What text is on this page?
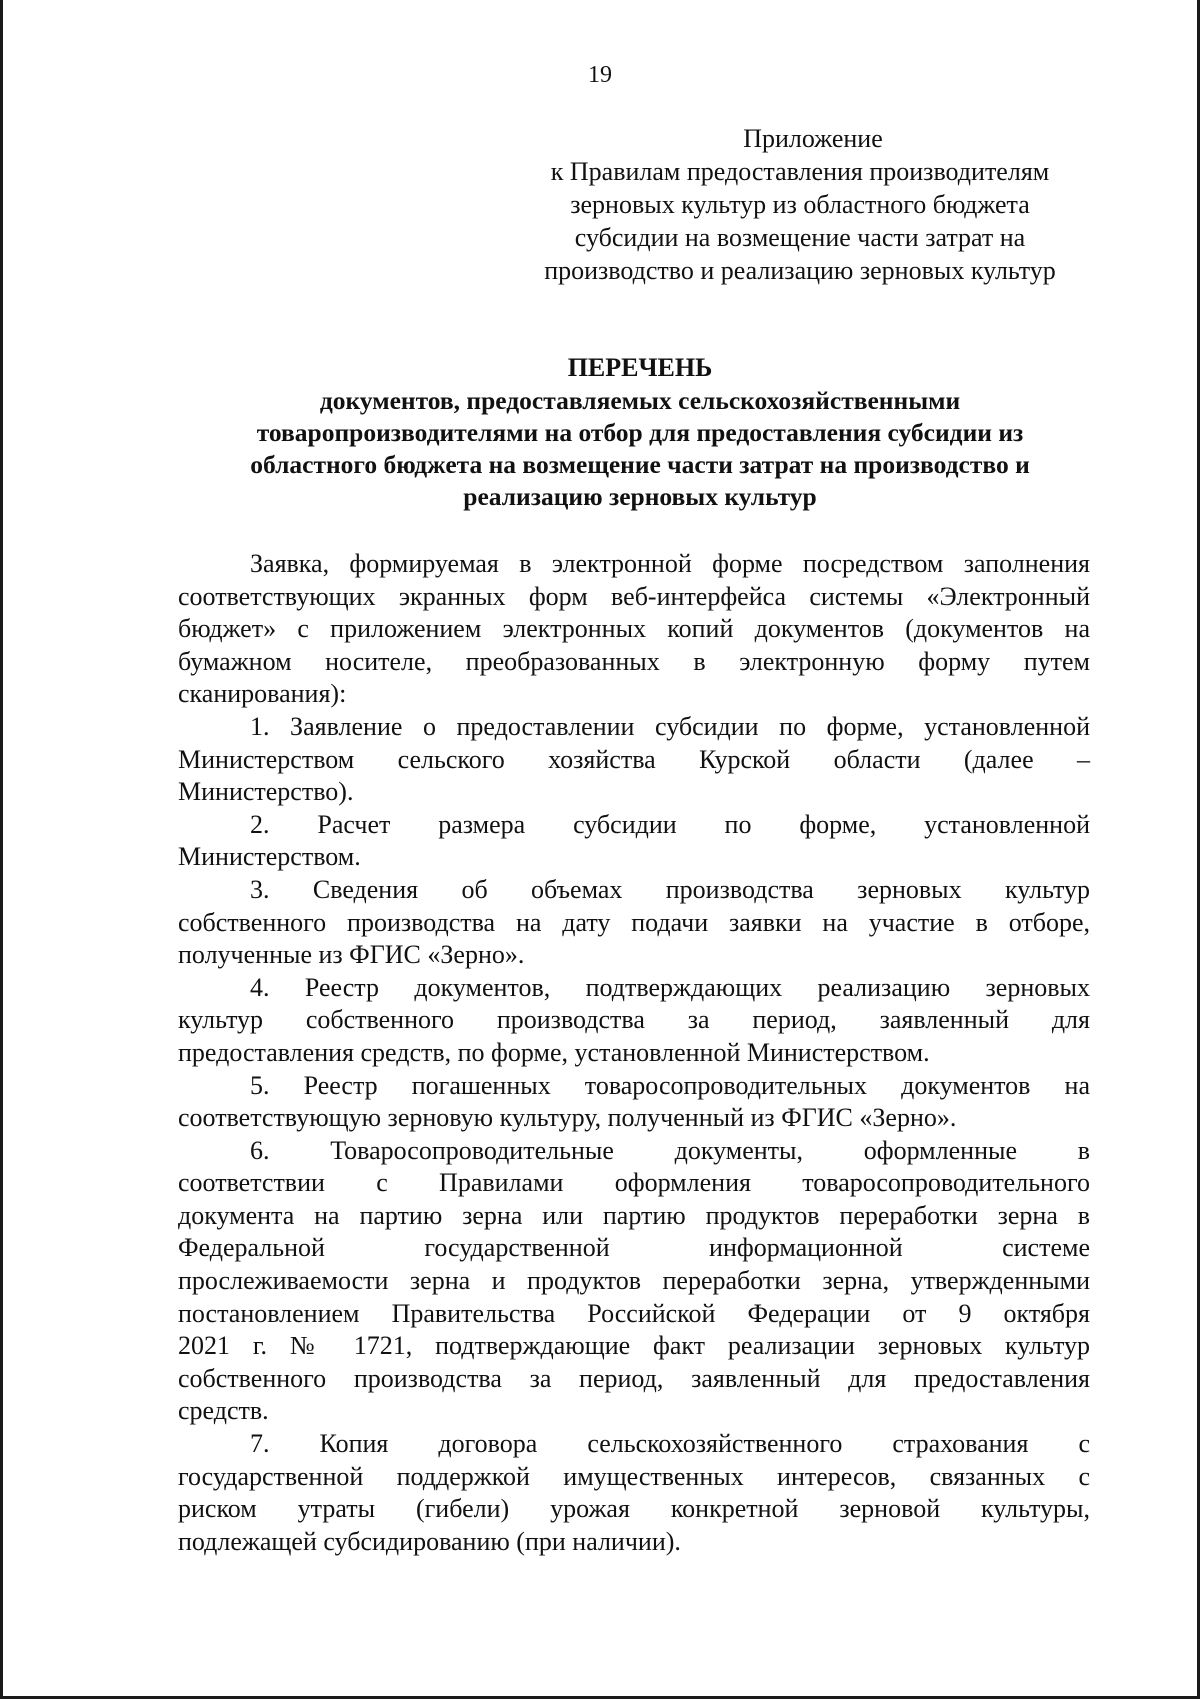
19
Приложение
к Правилам предоставления производителям
зерновых культур из областного бюджета
субсидии на возмещение части затрат на
производство и реализацию зерновых культур
ПЕРЕЧЕНЬ
документов, предоставляемых сельскохозяйственными
товаропроизводителями на отбор для предоставления субсидии из
областного бюджета на возмещение части затрат на производство и
реализацию зерновых культур
Заявка, формируемая в электронной форме посредством заполнения
соответствующих экранных форм веб-интерфейса системы «Электронный
бюджет» с приложением электронных копий документов (документов на
бумажном носителе, преобразованных в электронную форму путем
сканирования):
1. Заявление о предоставлении субсидии по форме, установленной
Министерством сельского хозяйства Курской области (далее –
Министерство).
2. Расчет размера субсидии по форме, установленной
Министерством.
3. Сведения об объемах производства зерновых культур
собственного производства на дату подачи заявки на участие в отборе,
полученные из ФГИС «Зерно».
4. Реестр документов, подтверждающих реализацию зерновых
культур собственного производства за период, заявленный для
предоставления средств, по форме, установленной Министерством.
5. Реестр погашенных товаросопроводительных документов на
соответствующую зерновую культуру, полученный из ФГИС «Зерно».
6. Товаросопроводительные документы, оформленные в
соответствии с Правилами оформления товаросопроводительного
документа на партию зерна или партию продуктов переработки зерна в
Федеральной государственной информационной системе
прослеживаемости зерна и продуктов переработки зерна, утвержденными
постановлением Правительства Российской Федерации от 9 октября
2021 г. № 1721, подтверждающие факт реализации зерновых культур
собственного производства за период, заявленный для предоставления
средств.
7. Копия договора сельскохозяйственного страхования с
государственной поддержкой имущественных интересов, связанных с
риском утраты (гибели) урожая конкретной зерновой культуры,
подлежащей субсидированию (при наличии).
